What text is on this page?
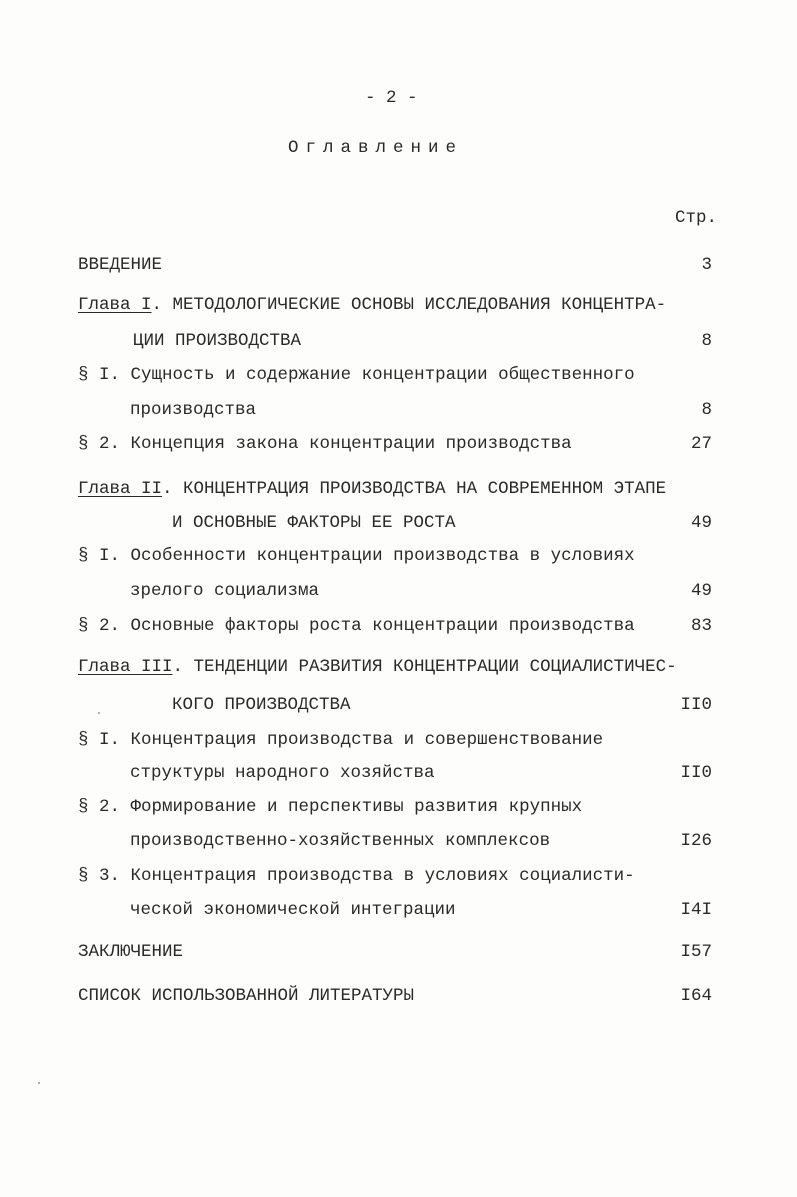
- 2 -
Оглавление
Стр.
ВВЕДЕНИЕ	3
Глава I. МЕТОДОЛОГИЧЕСКИЕ ОСНОВЫ ИССЛЕДОВАНИЯ КОНЦЕНТРА-
ЦИИ ПРОИЗВОДСТВА	8
§ I. Сущность и содержание концентрации общественного
производства	8
§ 2. Концепция закона концентрации производства	27
Глава II. КОНЦЕНТРАЦИЯ ПРОИЗВОДСТВА НА СОВРЕМЕННОМ ЭТАПЕ
И ОСНОВНЫЕ ФАКТОРЫ ЕЕ РОСТА	49
§ I. Особенности концентрации производства в условиях
зрелого социализма	49
§ 2. Основные факторы роста концентрации производства	83
Глава III. ТЕНДЕНЦИИ РАЗВИТИЯ КОНЦЕНТРАЦИИ СОЦИАЛИСТИЧЕС-
КОГО ПРОИЗВОДСТВА	II0
§ I. Концентрация производства и совершенствование
структуры народного хозяйства	II0
§ 2. Формирование и перспективы развития крупных
производственно-хозяйственных комплексов	I26
§ 3. Концентрация производства в условиях социалисти-
ческой экономической интеграции	I4I
ЗАКЛЮЧЕНИЕ	I57
СПИСОК ИСПОЛЬЗОВАННОЙ ЛИТЕРАТУРЫ	I64
